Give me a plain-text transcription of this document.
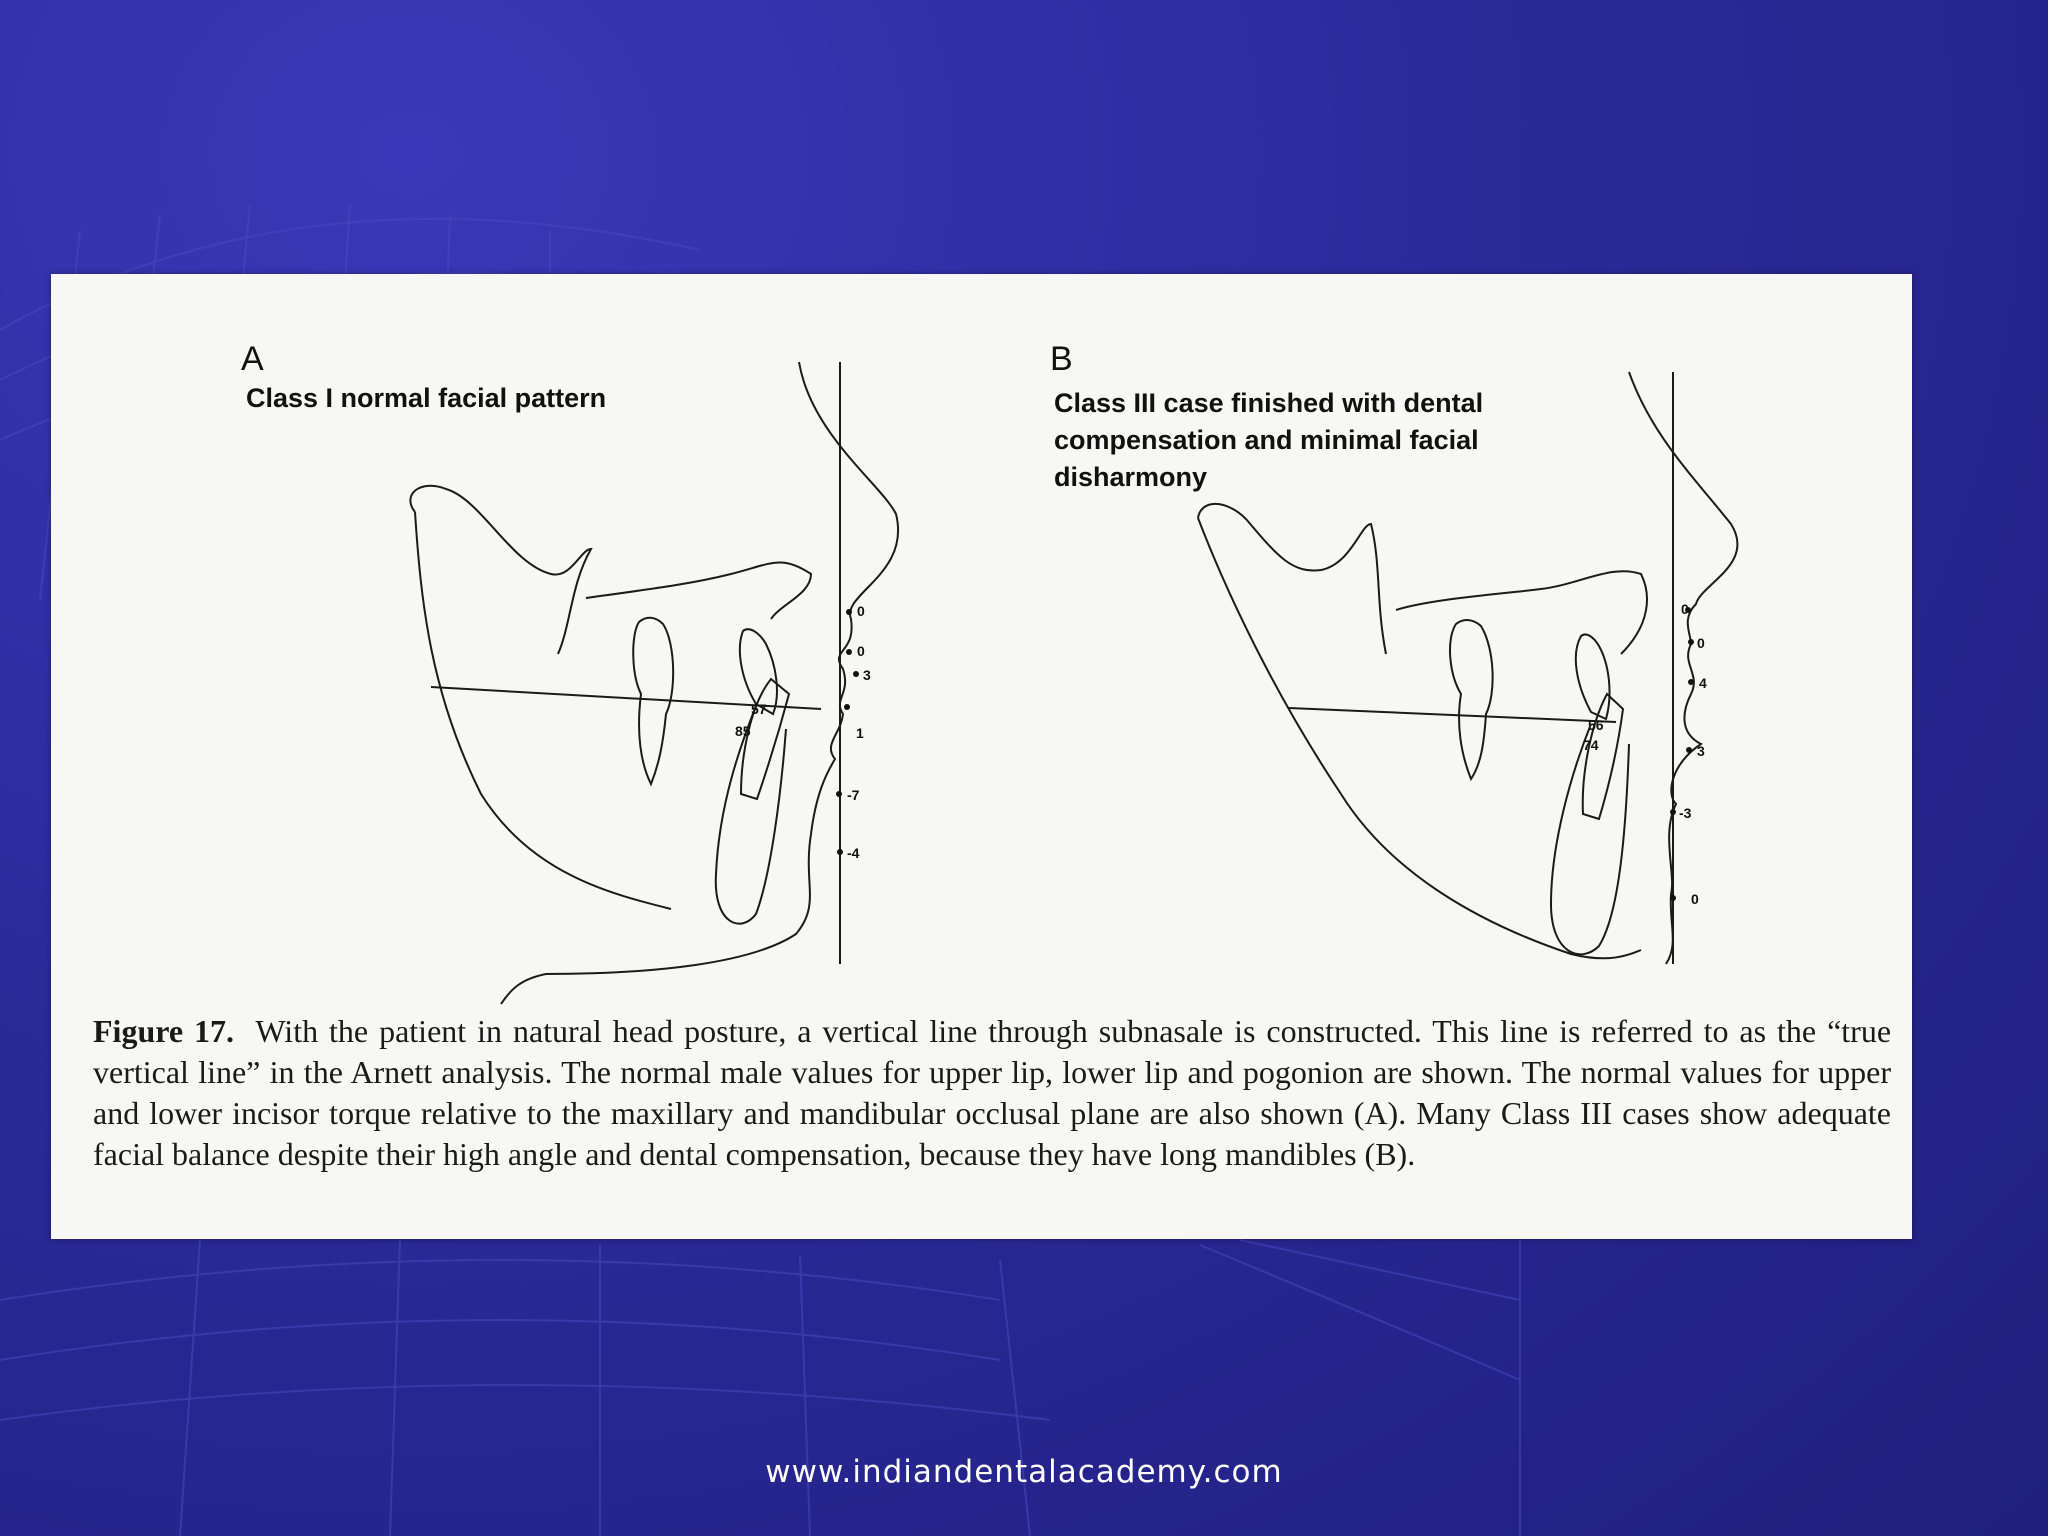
0
0
3
1
-7
-4
57
85
0
0
4
3
-3
0
56
74
A
Class I normal facial pattern
B
Class III case finished with dental
compensation and minimal facial
disharmony
Figure 17. With the patient in natural head posture, a vertical line through subnasale is constructed. This line is referred to as the “true vertical line” in the Arnett analysis. The normal male values for upper lip, lower lip and pogonion are shown. The normal values for upper and lower incisor torque relative to the maxillary and mandibular occlusal plane are also shown (A). Many Class III cases show adequate facial balance despite their high angle and dental compensation, because they have long mandibles (B).
www.indiandentalacademy.com
